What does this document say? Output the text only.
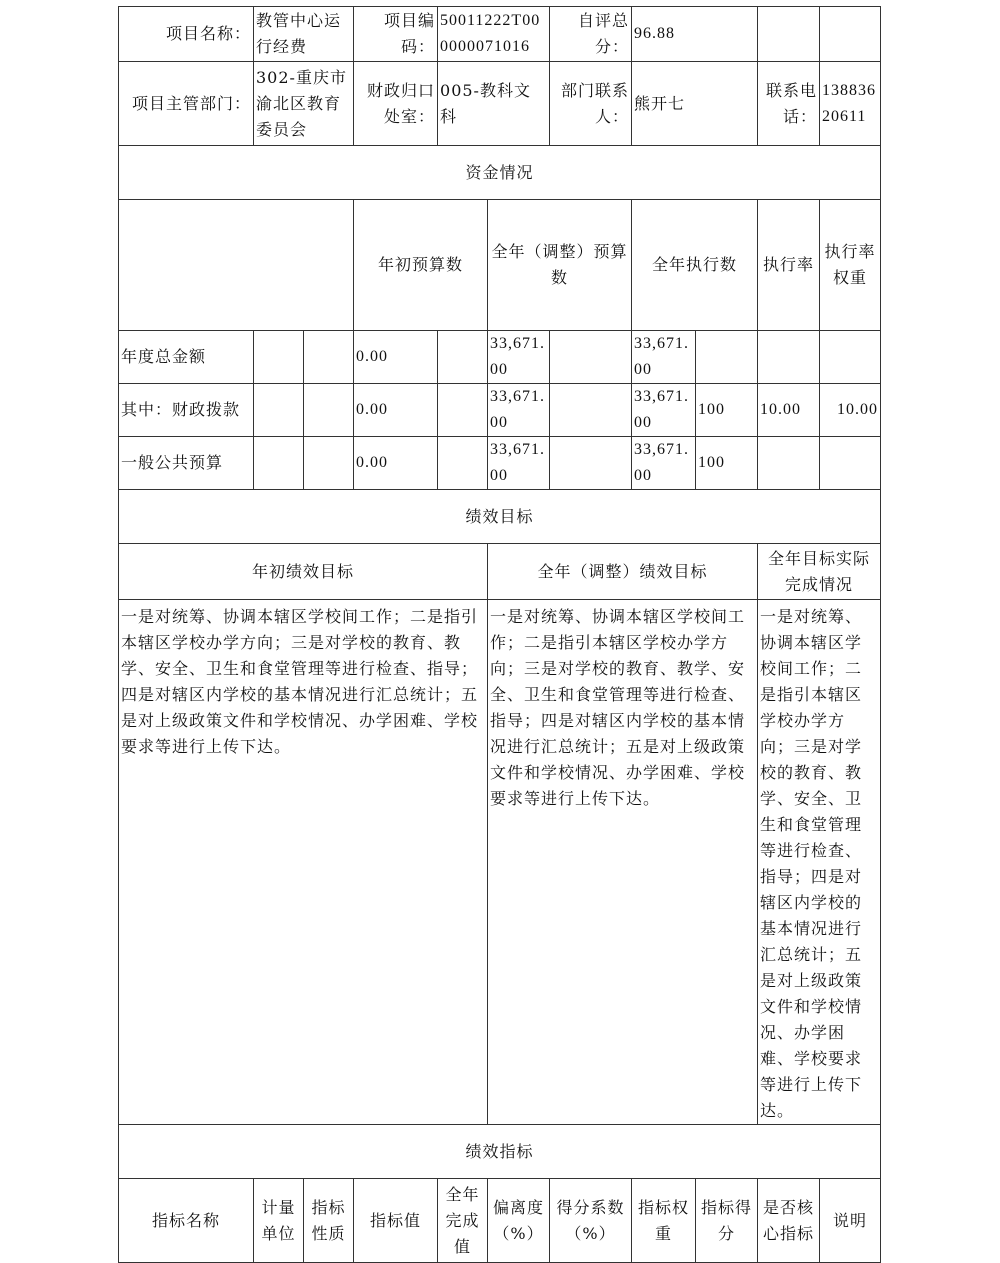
项目名称：	教管中心运行经费		项目编码：	50011222T000000071016		自评总分：	96.88				
项目主管部门：	302-重庆市渝北区教育委员会		财政归口处室：	005-教科文科		部门联系人：	熊开七		联系电话：	13883620611	
资金情况											
			年初预算数		全年（调整）预算数		全年执行数		执行率	执行率权重	
年度总金额			0.00		33,671.00		33,671.00				
其中：财政拨款			0.00		33,671.00		33,671.00	100	10.00	10.00	
一般公共预算			0.00		33,671.00		33,671.00	100			
绩效目标											
年初绩效目标					全年（调整）绩效目标				全年目标实际完成情况		
一是对统筹、协调本辖区学校间工作；二是指引本辖区学校办学方向；三是对学校的教育、教学、安全、卫生和食堂管理等进行检查、指导；四是对辖区内学校的基本情况进行汇总统计；五是对上级政策文件和学校情况、办学困难、学校要求等进行上传下达。					一是对统筹、协调本辖区学校间工作；二是指引本辖区学校办学方向；三是对学校的教育、教学、安全、卫生和食堂管理等进行检查、指导；四是对辖区内学校的基本情况进行汇总统计；五是对上级政策文件和学校情况、办学困难、学校要求等进行上传下达。				一是对统筹、协调本辖区学校间工作；二是指引本辖区学校办学方向；三是对学校的教育、教学、安全、卫生和食堂管理等进行检查、指导；四是对辖区内学校的基本情况进行汇总统计；五是对上级政策文件和学校情况、办学困难、学校要求等进行上传下达。		
绩效指标											
指标名称	计量单位	指标性质	指标值	全年完成值	偏离度（%）	得分系数（%）	指标权重	指标得分	是否核心指标	说明	
